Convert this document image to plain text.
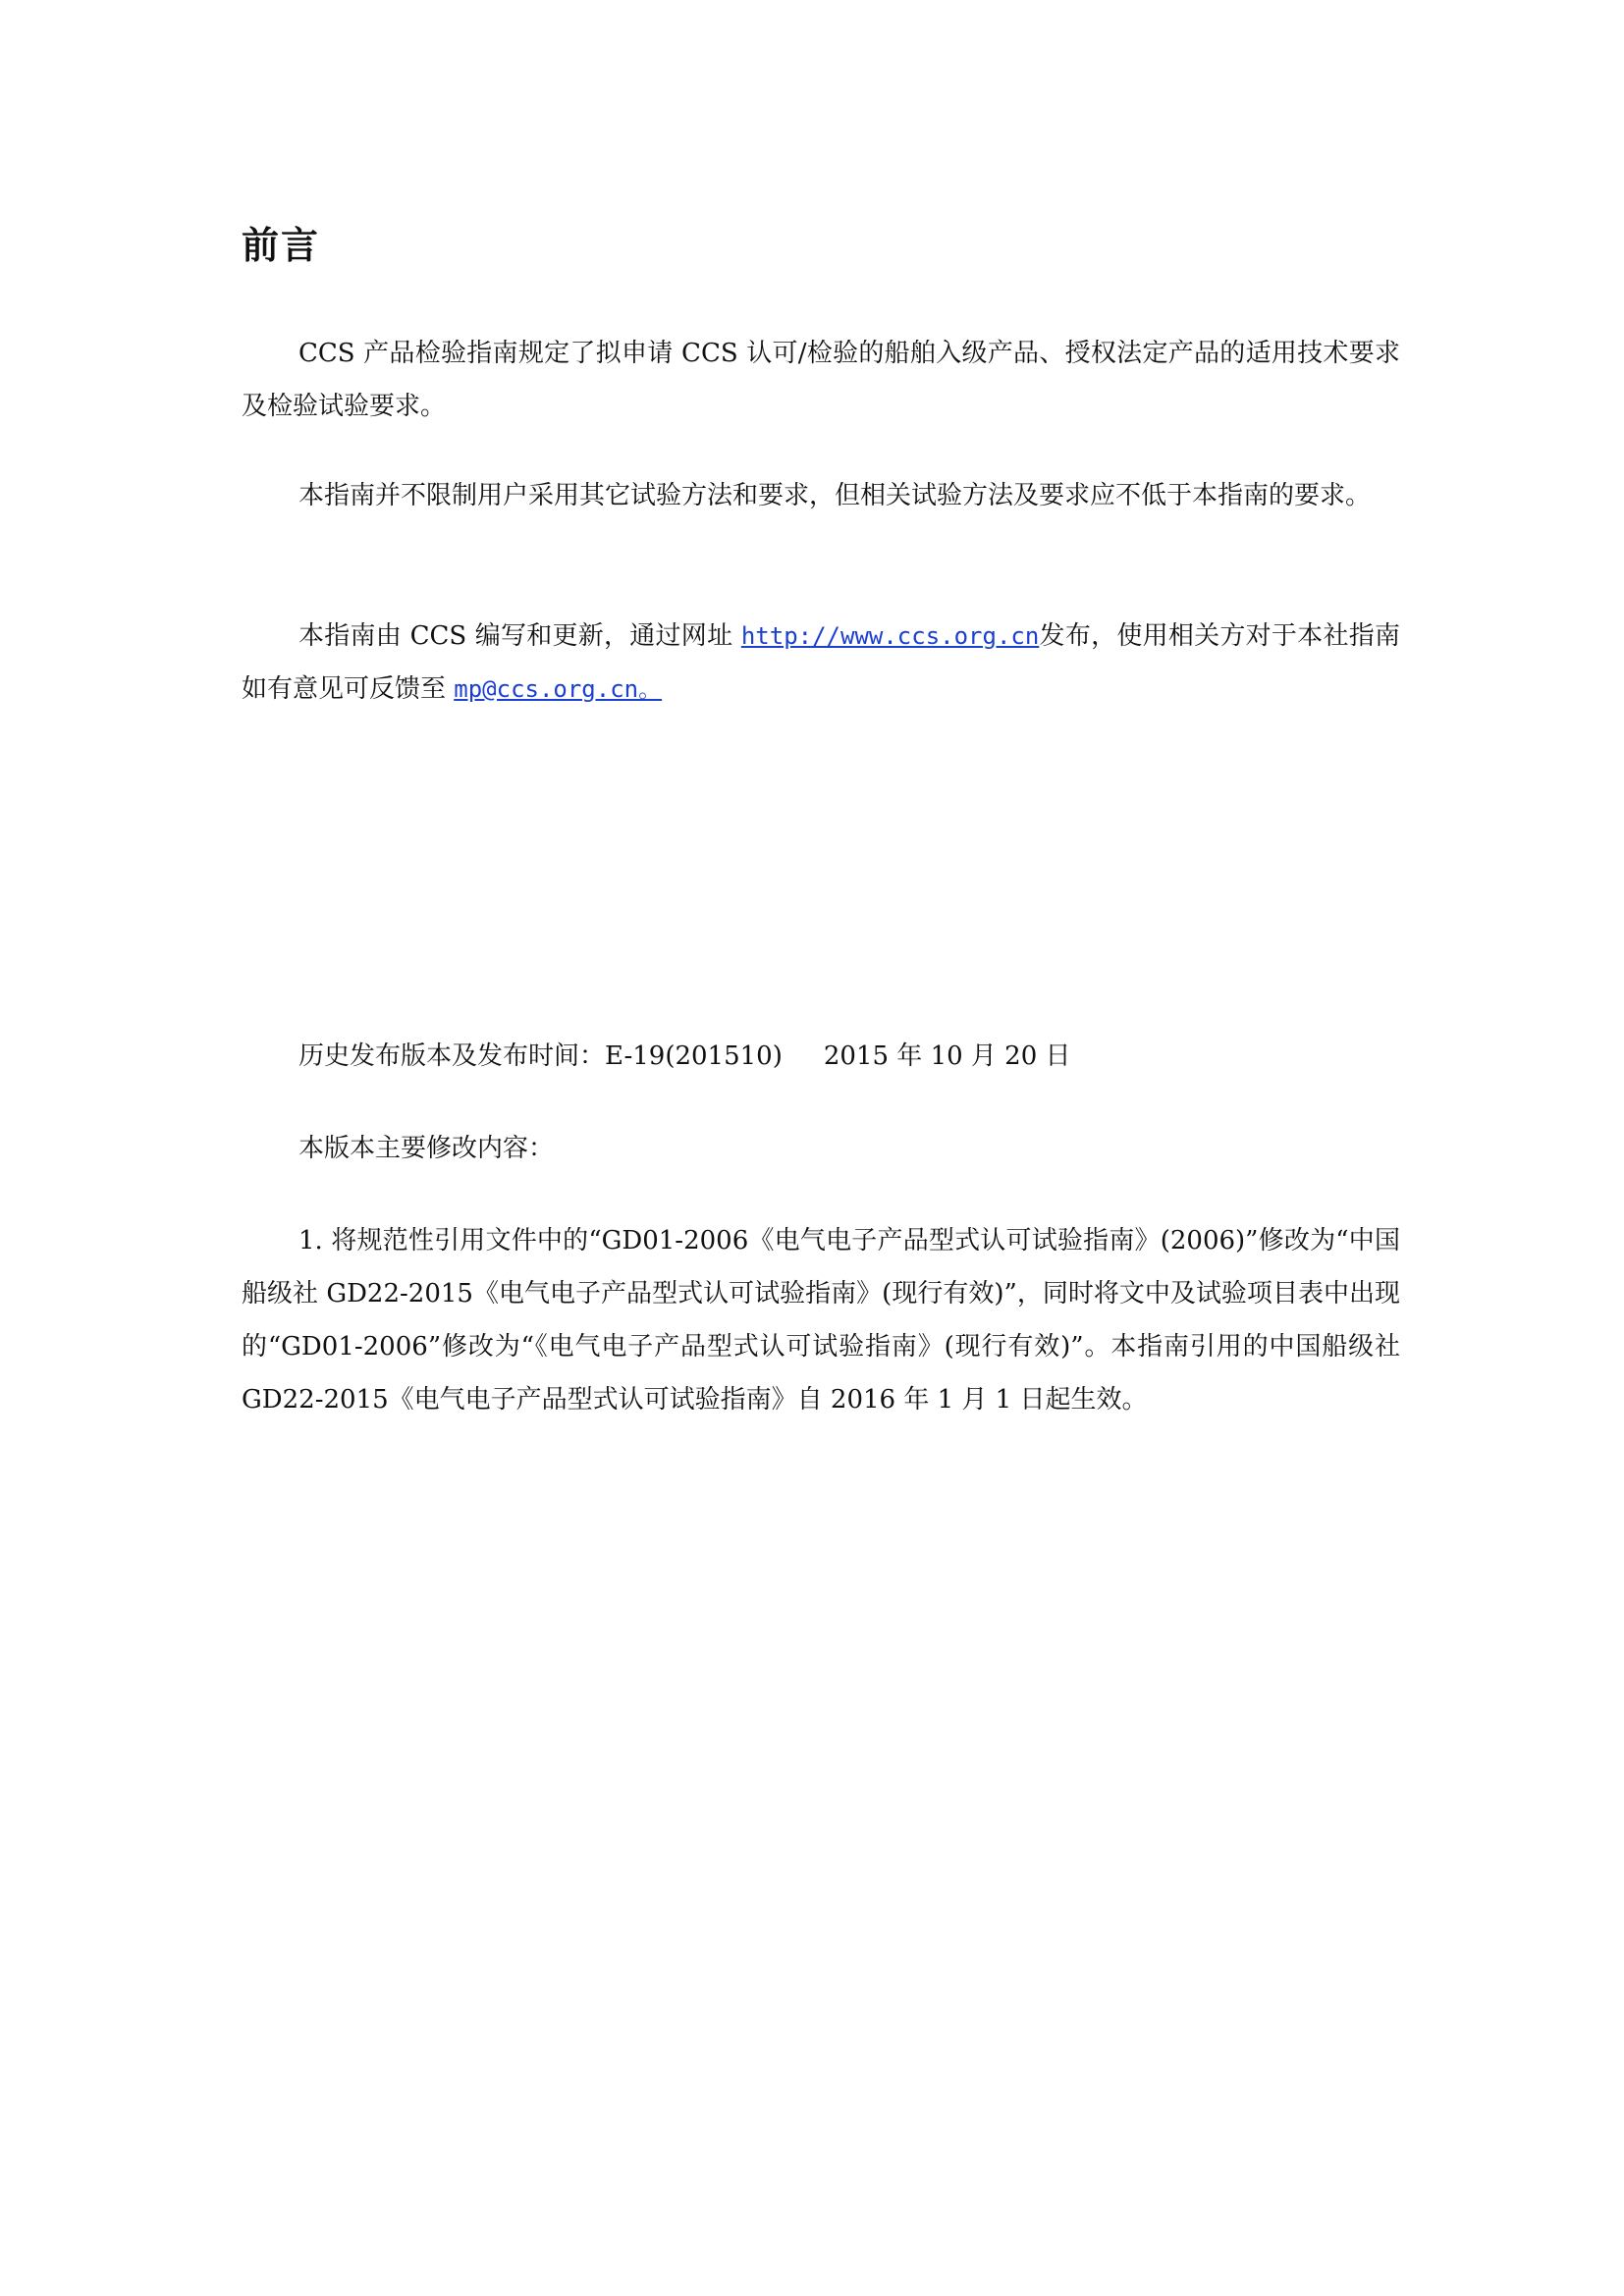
前言

CCS 产品检验指南规定了拟申请 CCS 认可/检验的船舶入级产品、授权法定产品的适用技术要求及检验试验要求。

本指南并不限制用户采用其它试验方法和要求，但相关试验方法及要求应不低于本指南的要求。

本指南由 CCS 编写和更新，通过网址 http://www.ccs.org.cn发布，使用相关方对于本社指南如有意见可反馈至 mp@ccs.org.cn。

历史发布版本及发布时间：E-19(201510) 2015 年 10 月 20 日

本版本主要修改内容：

1. 将规范性引用文件中的“GD01-2006《电气电子产品型式认可试验指南》(2006)”修改为“中国船级社 GD22-2015《电气电子产品型式认可试验指南》(现行有效)”，同时将文中及试验项目表中出现的“GD01-2006”修改为“《电气电子产品型式认可试验指南》(现行有效)”。本指南引用的中国船级社 GD22-2015《电气电子产品型式认可试验指南》自 2016 年 1 月 1 日起生效。
